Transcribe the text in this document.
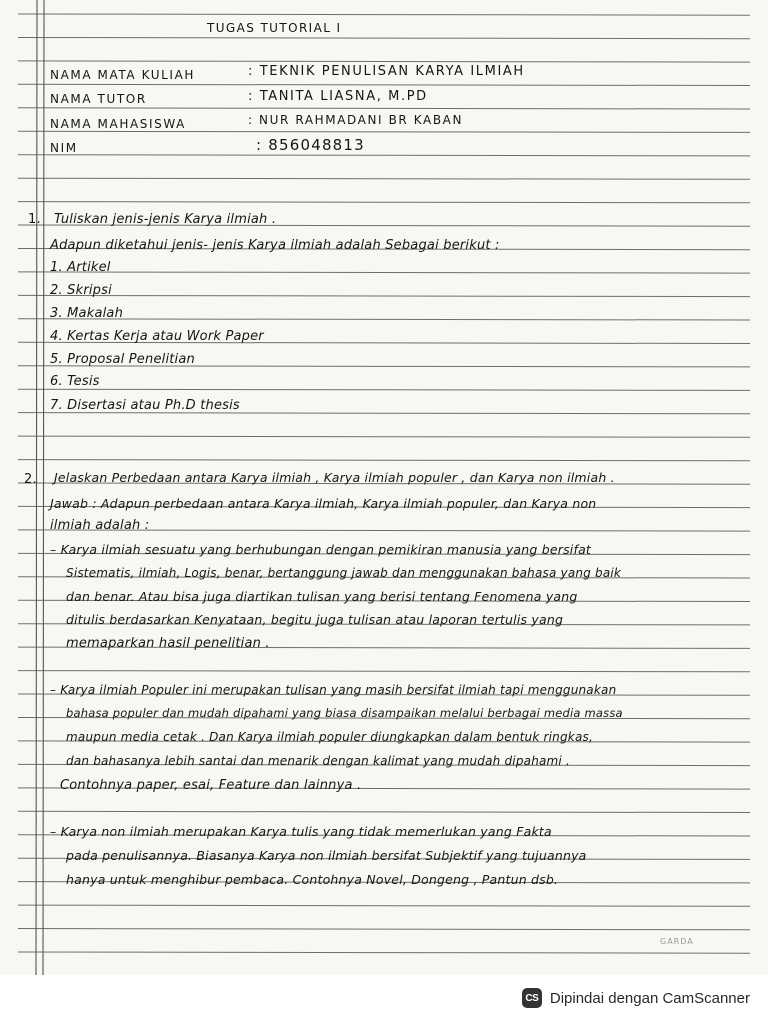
TUGAS TUTORIAL I
NAMA MATA KULIAH	: TEKNIK PENULISAN KARYA ILMIAH
NAMA TUTOR	: TANITA LIASNA, M.PD
NAMA MAHASISWA	: NUR RAHMADANI BR KABAN
NIM	: 856048813
1. Tuliskan jenis-jenis Karya ilmiah .
Adapun diketahui jenis- jenis Karya ilmiah adalah Sebagai berikut :
1. Artikel
2. Skripsi
3. Makalah
4. Kertas Kerja atau Work Paper
5. Proposal Penelitian
6. Tesis
7. Disertasi atau Ph.D thesis
2. Jelaskan Perbedaan antara Karya ilmiah , Karya ilmiah populer , dan Karya non ilmiah .
Jawab : Adapun perbedaan antara Karya ilmiah, Karya ilmiah populer, dan Karya non
ilmiah adalah :
– Karya ilmiah sesuatu yang berhubungan dengan pemikiran manusia yang bersifat
Sistematis, ilmiah, Logis, benar, bertanggung jawab dan menggunakan bahasa yang baik
dan benar. Atau bisa juga diartikan tulisan yang berisi tentang Fenomena yang
ditulis berdasarkan Kenyataan, begitu juga tulisan atau laporan tertulis yang
memaparkan hasil penelitian .
– Karya ilmiah Populer ini merupakan tulisan yang masih bersifat ilmiah tapi menggunakan
bahasa populer dan mudah dipahami yang biasa disampaikan melalui berbagai media massa
maupun media cetak . Dan Karya ilmiah populer diungkapkan dalam bentuk ringkas,
dan bahasanya lebih santai dan menarik dengan kalimat yang mudah dipahami .
Contohnya paper, esai, Feature dan lainnya .
– Karya non ilmiah merupakan Karya tulis yang tidak memerlukan yang Fakta
pada penulisannya. Biasanya Karya non ilmiah bersifat Subjektif yang tujuannya
hanya untuk menghibur pembaca. Contohnya Novel, Dongeng , Pantun dsb.
GARDA
CS Dipindai dengan CamScanner
